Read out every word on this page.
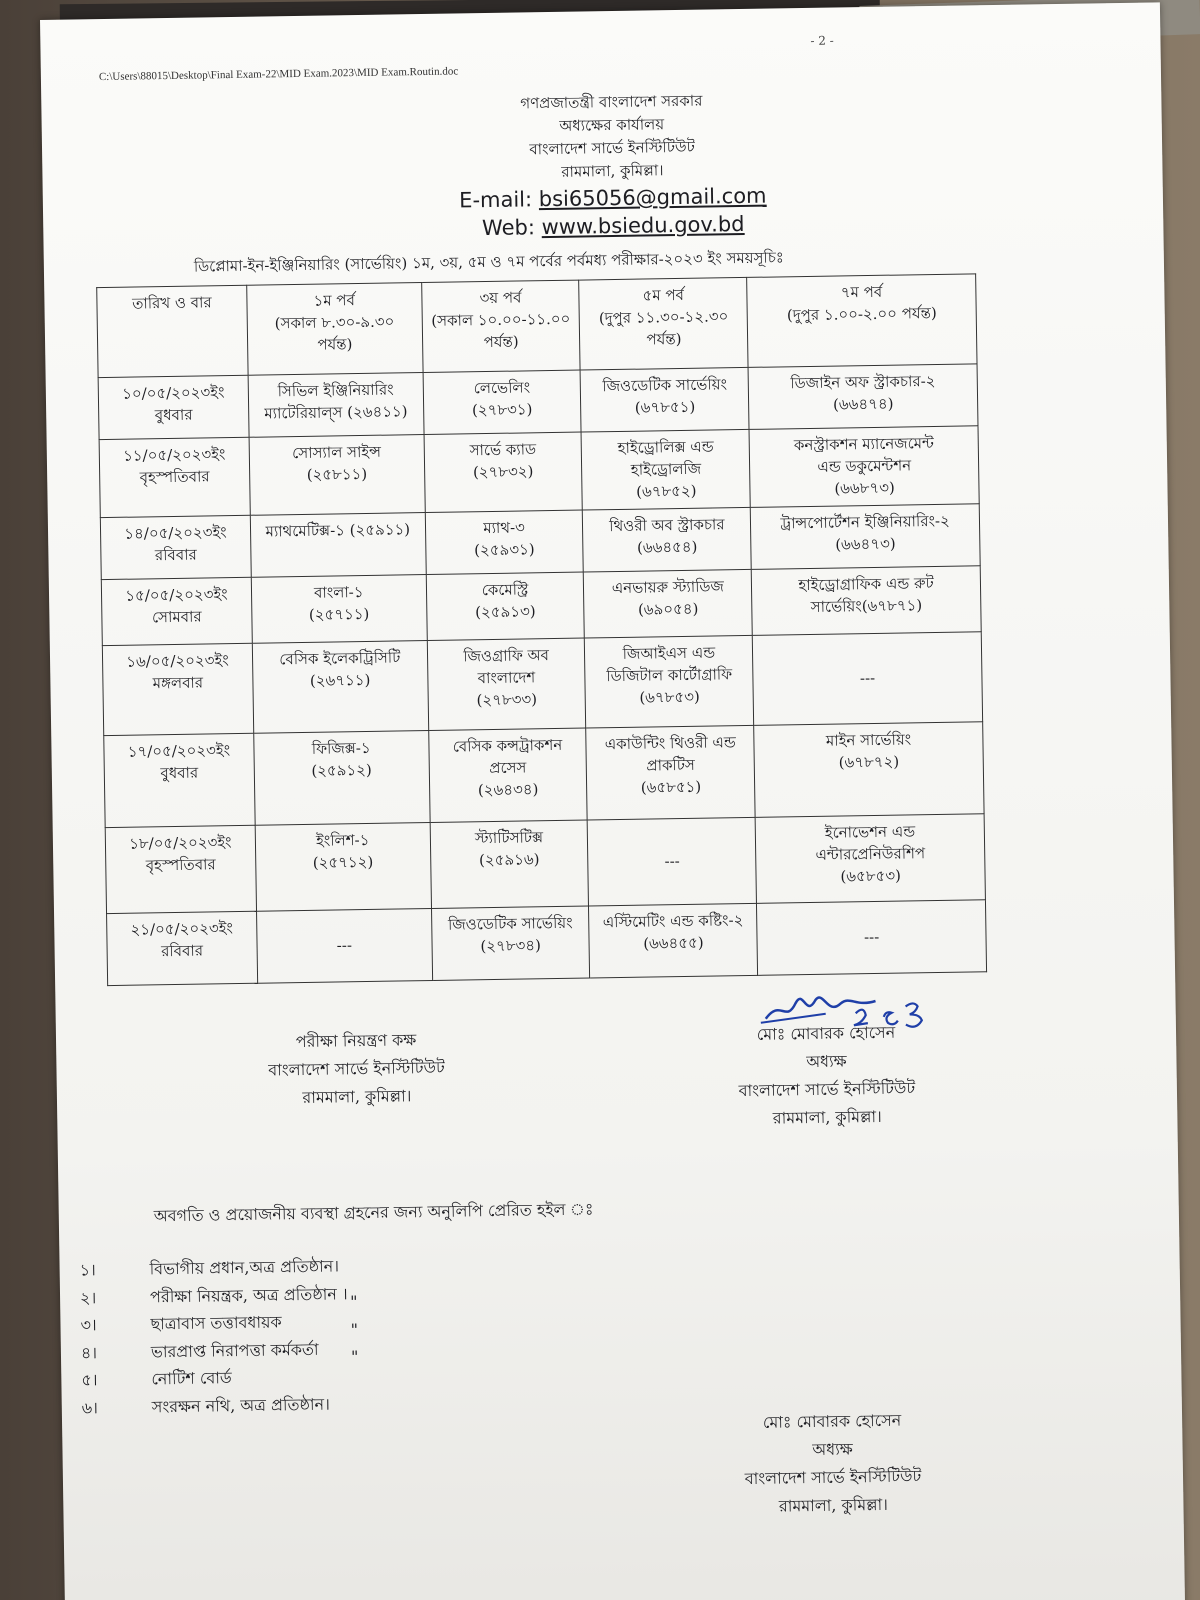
C:\Users\88015\Desktop\Final Exam-22\MID Exam.2023\MID Exam.Routin.doc
- 2 -
গণপ্রজাতন্ত্রী বাংলাদেশ সরকার
অধ্যক্ষের কার্যালয়
বাংলাদেশ সার্ভে ইনস্টিটিউট
রামমালা, কুমিল্লা।
E-mail: bsi65056@gmail.com
Web: www.bsiedu.gov.bd
ডিপ্লোমা-ইন-ইঞ্জিনিয়ারিং (সার্ভেয়িং) ১ম, ৩য়, ৫ম ও ৭ম পর্বের পর্বমধ্য পরীক্ষার-২০২৩ ইং সময়সূচিঃ
তারিখ ও বার	১ম পর্ব
(সকাল ৮.৩০-৯.৩০
পর্যন্ত)	৩য় পর্ব
(সকাল ১০.০০-১১.০০
পর্যন্ত)	৫ম পর্ব
(দুপুর ১১.৩০-১২.৩০
পর্যন্ত)	৭ম পর্ব
(দুপুর ১.০০-২.০০ পর্যন্ত)
১০/০৫/২০২৩ইং
বুধবার	সিভিল ইঞ্জিনিয়ারিং
ম্যাটেরিয়াল্‌স (২৬৪১১)	লেভেলিং
(২৭৮৩১)	জিওডেটিক সার্ভেয়িং
(৬৭৮৫১)	ডিজাইন অফ স্ট্রাকচার-২
(৬৬৪৭৪)
১১/০৫/২০২৩ইং
বৃহস্পতিবার	সোস্যাল সাইন্স
(২৫৮১১)	সার্ভে ক্যাড
(২৭৮৩২)	হাইড্রোলিক্স এন্ড
হাইড্রোলজি
(৬৭৮৫২)	কনস্ট্রাকশন ম্যানেজমেন্ট
এন্ড ডকুমেন্টশন
(৬৬৮৭৩)
১৪/০৫/২০২৩ইং
রবিবার	ম্যাথমেটিক্স-১ (২৫৯১১)	ম্যাথ-৩
(২৫৯৩১)	থিওরী অব স্ট্রাকচার
(৬৬৪৫৪)	ট্রান্সপোর্টেশন ইঞ্জিনিয়ারিং-২
(৬৬৪৭৩)
১৫/০৫/২০২৩ইং
সোমবার	বাংলা-১
(২৫৭১১)	কেমেস্ট্রি
(২৫৯১৩)	এনভায়রু স্ট্যাডিজ
(৬৯০৫৪)	হাইড্রোগ্রাফিক এন্ড রুট
সার্ভেয়িং(৬৭৮৭১)
১৬/০৫/২০২৩ইং
মঙ্গলবার	বেসিক ইলেকট্রিসিটি
(২৬৭১১)	জিওগ্রাফি অব
বাংলাদেশ
(২৭৮৩৩)	জিআইএস এন্ড
ডিজিটাল কার্টোগ্রাফি
(৬৭৮৫৩)	---
১৭/০৫/২০২৩ইং
বুধবার	ফিজিক্স-১
(২৫৯১২)	বেসিক কন্সট্রাকশন
প্রসেস
(২৬৪৩৪)	একাউন্টিং থিওরী এন্ড
প্রাকটিস
(৬৫৮৫১)	মাইন সার্ভেয়িং
(৬৭৮৭২)
১৮/০৫/২০২৩ইং
বৃহস্পতিবার	ইংলিশ-১
(২৫৭১২)	স্ট্যাটিসটিক্স
(২৫৯১৬)	---	ইনোভেশন এন্ড
এন্টারপ্রেনিউরশিপ
(৬৫৮৫৩)
২১/০৫/২০২৩ইং
রবিবার	---	জিওডেটিক সার্ভেয়িং
(২৭৮৩৪)	এস্টিমেটিং এন্ড কষ্টিং-২
(৬৬৪৫৫)	---
পরীক্ষা নিয়ন্ত্রণ কক্ষ
বাংলাদেশ সার্ভে ইনস্টিটিউট
রামমালা, কুমিল্লা।
2.5.23
মোঃ মোবারক হোসেন
অধ্যক্ষ
বাংলাদেশ সার্ভে ইনস্টিটিউট
রামমালা, কুমিল্লা।
অবগতি ও প্রয়োজনীয় ব্যবস্থা গ্রহনের জন্য অনুলিপি প্রেরিত হইল ঃ
১।	বিভাগীয় প্রধান,অত্র প্রতিষ্ঠান।
২।	পরীক্ষা নিয়ন্ত্রক, অত্র প্রতিষ্ঠান ।
৩।	ছাত্রাবাস তত্তাবধায়ক
৪।	ভারপ্রাপ্ত নিরাপত্তা কর্মকর্তা
৫।	নোটিশ বোর্ড
৬।	সংরক্ষন নথি, অত্র প্রতিষ্ঠান।
"
"
"
মোঃ মোবারক হোসেন
অধ্যক্ষ
বাংলাদেশ সার্ভে ইনস্টিটিউট
রামমালা, কুমিল্লা।
